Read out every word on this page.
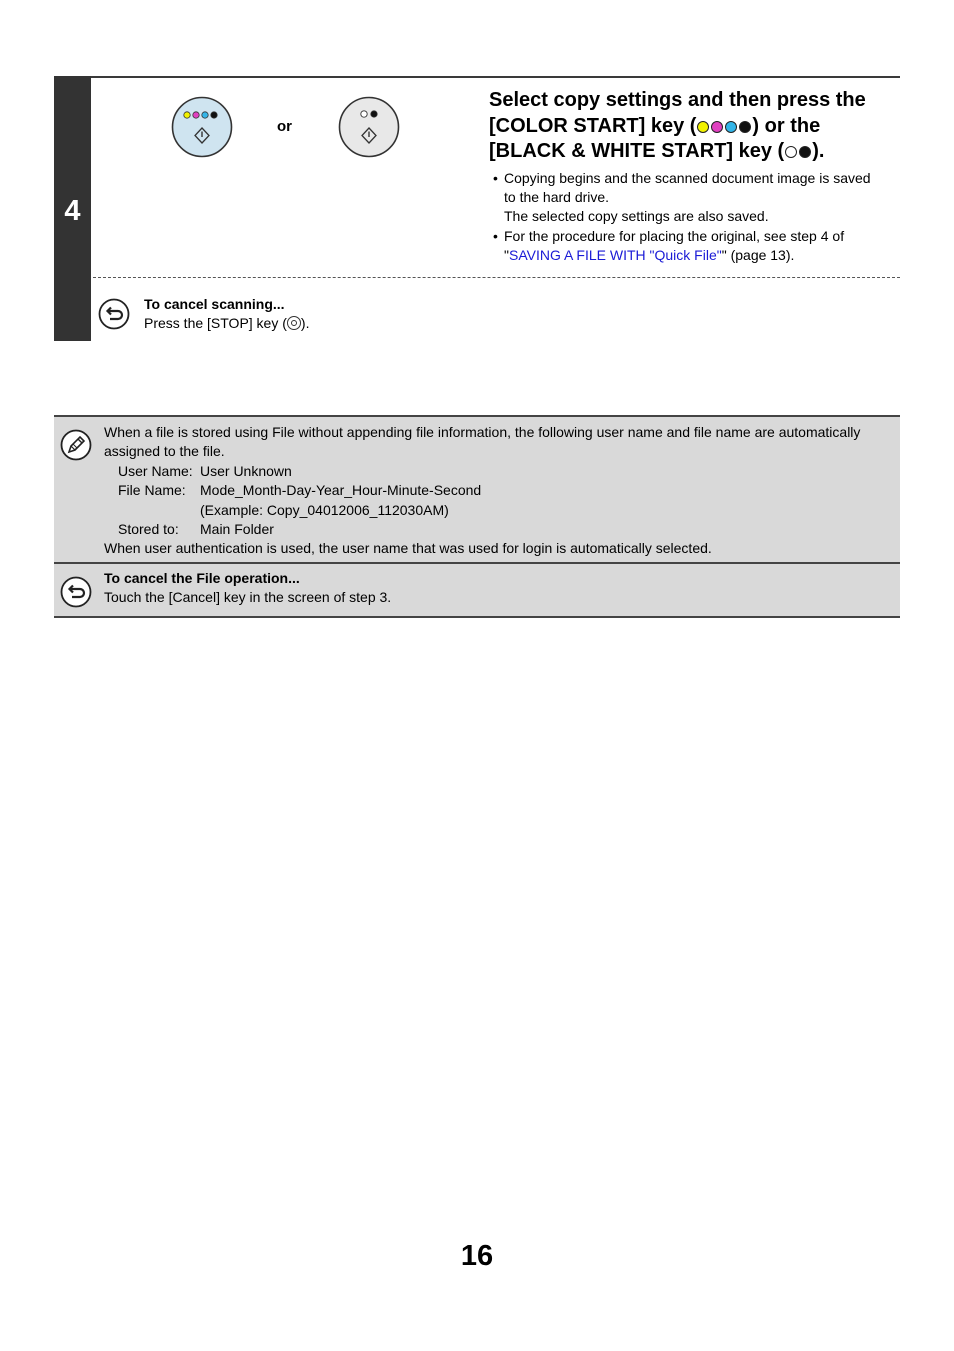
4
or
Select copy settings and then press the [COLOR START] key (	) or the [BLACK & WHITE START] key ( ).
• Copying begins and the scanned document image is saved
to the hard drive.
The selected copy settings are also saved.
• For the procedure for placing the original, see step 4 of
"SAVING A FILE WITH "Quick File"" (page 13).
To cancel scanning...
Press the [STOP] key ( ).
When a file is stored using File without appending file information, the following user name and file name are automatically
assigned to the file.
User Name: User Unknown
File Name: Mode_Month-Day-Year_Hour-Minute-Second
(Example: Copy_04012006_112030AM)
Stored to: Main Folder
When user authentication is used, the user name that was used for login is automatically selected.
To cancel the File operation...
Touch the [Cancel] key in the screen of step 3.
16
